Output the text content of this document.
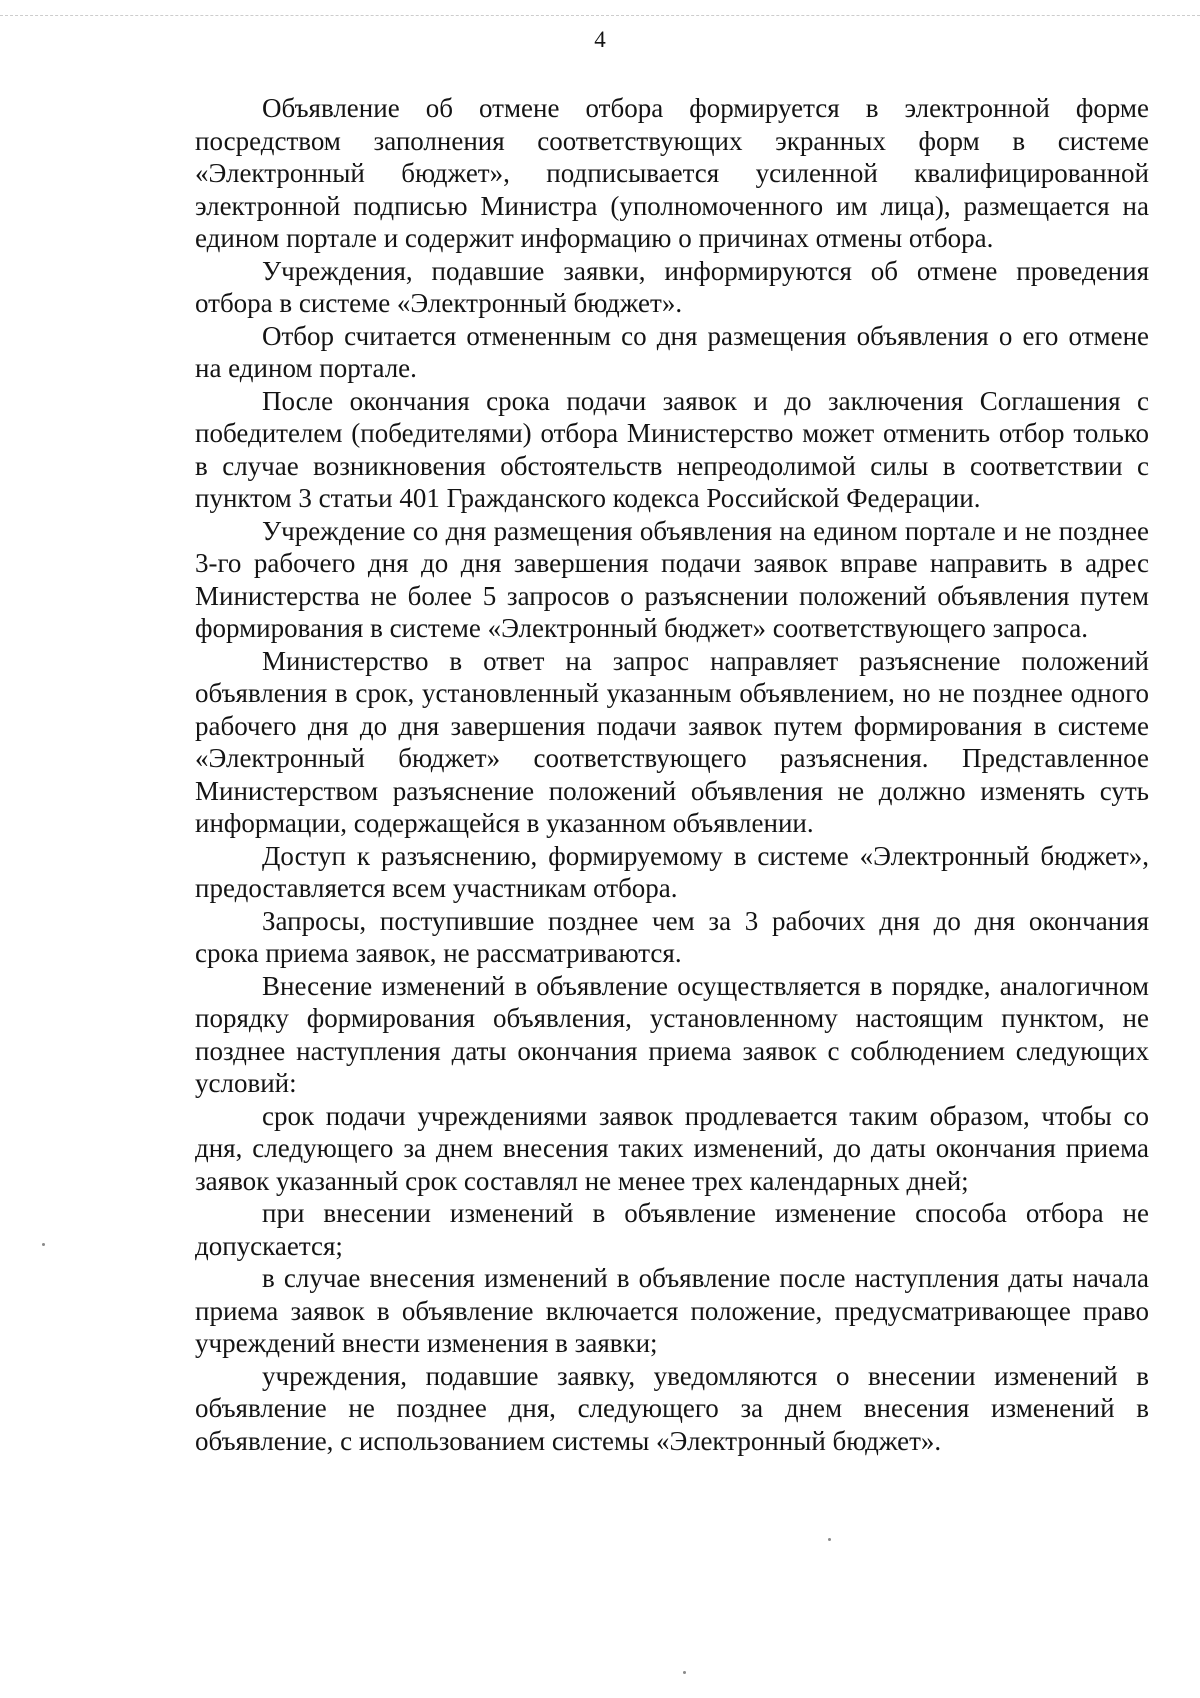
4

Объявление об отмене отбора формируется в электронной форме посредством заполнения соответствующих экранных форм в системе «Электронный бюджет», подписывается усиленной квалифицированной электронной подписью Министра (уполномоченного им лица), размещается на едином портале и содержит информацию о причинах отмены отбора.

Учреждения, подавшие заявки, информируются об отмене проведения отбора в системе «Электронный бюджет».

Отбор считается отмененным со дня размещения объявления о его отмене на едином портале.

После окончания срока подачи заявок и до заключения Соглашения с победителем (победителями) отбора Министерство может отменить отбор только в случае возникновения обстоятельств непреодолимой силы в соответствии с пунктом 3 статьи 401 Гражданского кодекса Российской Федерации.

Учреждение со дня размещения объявления на едином портале и не позднее 3-го рабочего дня до дня завершения подачи заявок вправе направить в адрес Министерства не более 5 запросов о разъяснении положений объявления путем формирования в системе «Электронный бюджет» соответствующего запроса.

Министерство в ответ на запрос направляет разъяснение положений объявления в срок, установленный указанным объявлением, но не позднее одного рабочего дня до дня завершения подачи заявок путем формирования в системе «Электронный бюджет» соответствующего разъяснения. Представленное Министерством разъяснение положений объявления не должно изменять суть информации, содержащейся в указанном объявлении.

Доступ к разъяснению, формируемому в системе «Электронный бюджет», предоставляется всем участникам отбора.

Запросы, поступившие позднее чем за 3 рабочих дня до дня окончания срока приема заявок, не рассматриваются.

Внесение изменений в объявление осуществляется в порядке, аналогичном порядку формирования объявления, установленному настоящим пунктом, не позднее наступления даты окончания приема заявок с соблюдением следующих условий:

срок подачи учреждениями заявок продлевается таким образом, чтобы со дня, следующего за днем внесения таких изменений, до даты окончания приема заявок указанный срок составлял не менее трех календарных дней;

при внесении изменений в объявление изменение способа отбора не допускается;

в случае внесения изменений в объявление после наступления даты начала приема заявок в объявление включается положение, предусматривающее право учреждений внести изменения в заявки;

учреждения, подавшие заявку, уведомляются о внесении изменений в объявление не позднее дня, следующего за днем внесения изменений в объявление, с использованием системы «Электронный бюджет».
